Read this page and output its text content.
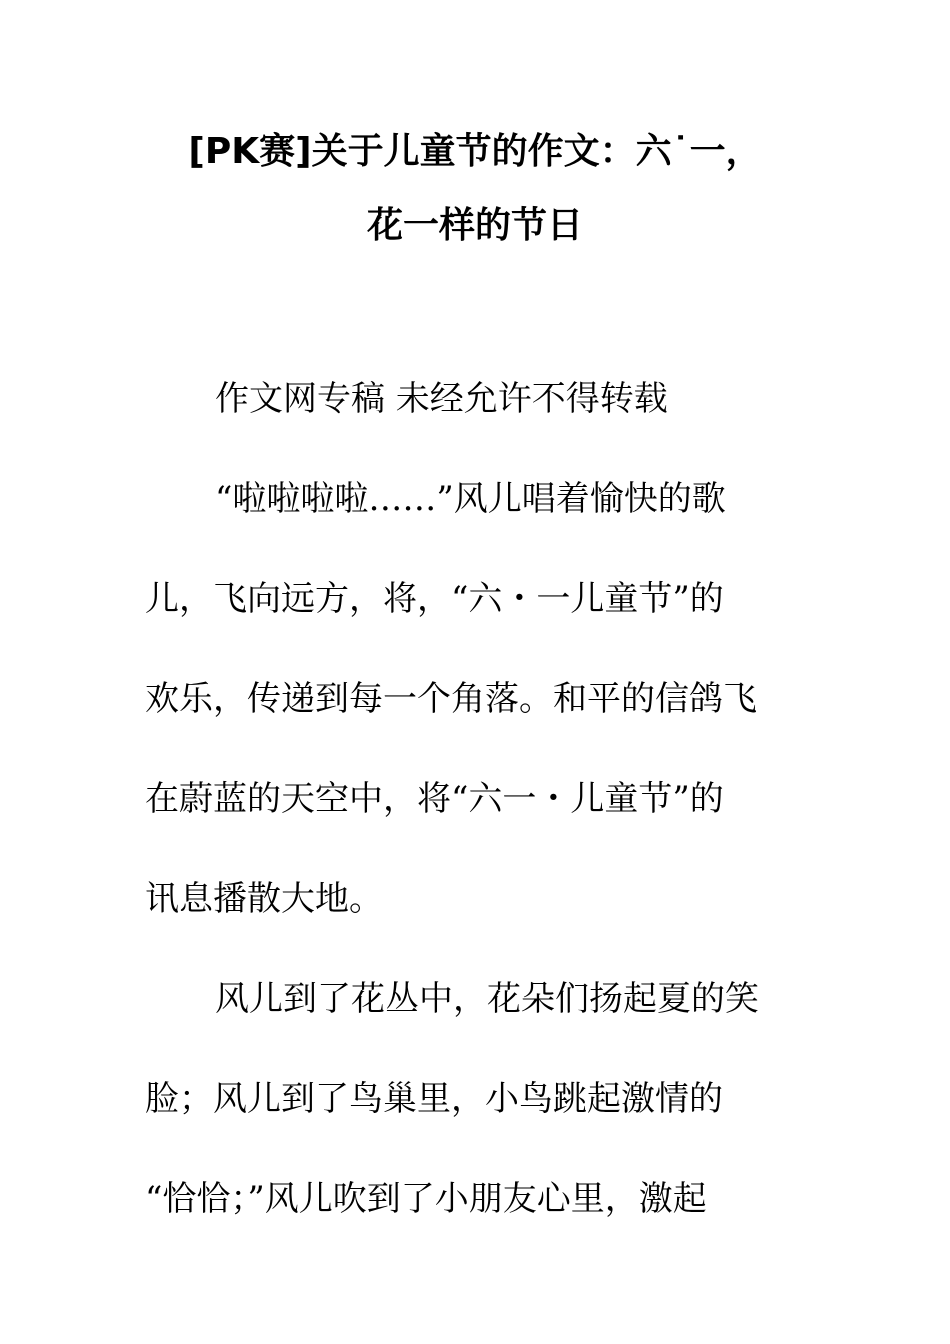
[PK赛]关于儿童节的作文：六˙一，
花一样的节日
作文网专稿 未经允许不得转载
“啦啦啦啦……”风儿唱着愉快的歌
儿，飞向远方，将，“六・一儿童节”的
欢乐，传递到每一个角落。和平的信鸽飞
在蔚蓝的天空中，将“六一・儿童节”的
讯息播散大地。
风儿到了花丛中，花朵们扬起夏的笑
脸；风儿到了鸟巢里，小鸟跳起激情的
“恰恰；”风儿吹到了小朋友心里，激起
